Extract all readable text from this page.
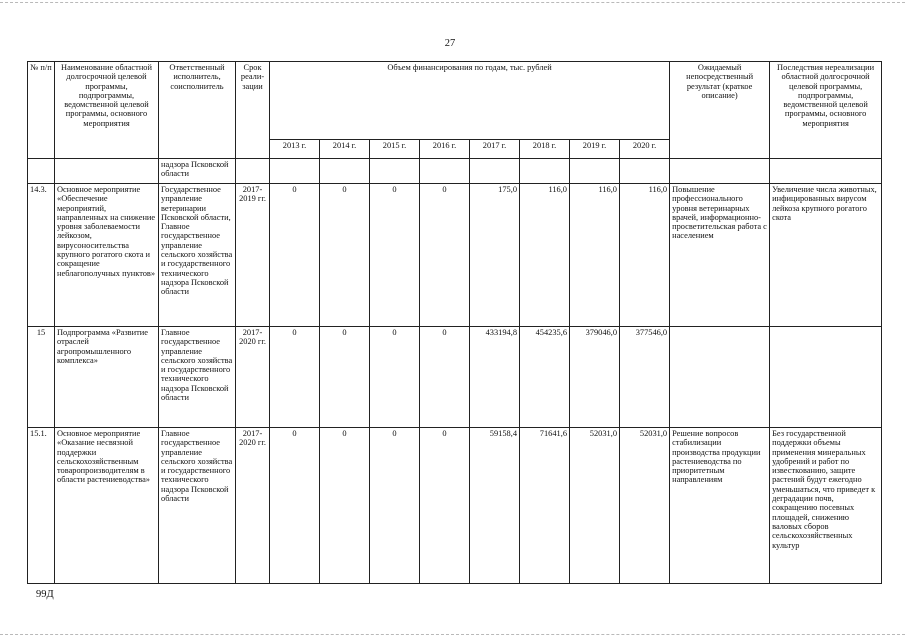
27
№ п/п	Наименование областной долгосрочной целевой программы, подпрограммы, ведомственной целевой программы, основного мероприятия	Ответственный исполнитель, соисполнитель	Срок реали-зации	Объем финансирования по годам, тыс. рублей								Ожидаемый непосредственный результат (краткое описание)	Последствия нереализации областной долгосрочной целевой программы, подпрограммы, ведомственной целевой программы, основного мероприятия
				2013 г.	2014 г.	2015 г.	2016 г.	2017 г.	2018 г.	2019 г.	2020 г.		
		надзора Псковской области											
14.3.	Основное мероприятие «Обеспечение мероприятий, направленных на снижение уровня заболеваемости лейкозом, вирусоносительства крупного рогатого скота и сокращение неблагополучных пунктов»	Государственное управление ветеринарии Псковской области, Главное государственное управление сельского хозяйства и государственного технического надзора Псковской области	2017-2019 гг.	0	0	0	0	175,0	116,0	116,0	116,0	Повышение профессионального уровня ветеринарных врачей, информационно-просветительская работа с населением	Увеличение числа животных, инфицированных вирусом лейкоза крупного рогатого скота
15	Подпрограмма «Развитие отраслей агропромышленного комплекса»	Главное государственное управление сельского хозяйства и государственного технического надзора Псковской области	2017-2020 гг.	0	0	0	0	433194,8	454235,6	379046,0	377546,0		
15.1.	Основное мероприятие «Оказание несвязной поддержки сельскохозяйственным товаропроизводителям в области растениеводства»	Главное государственное управление сельского хозяйства и государственного технического надзора Псковской области	2017-2020 гг.	0	0	0	0	59158,4	71641,6	52031,0	52031,0	Решение вопросов стабилизации производства продукции растениеводства по приоритетным направлениям	Без государственной поддержки объемы применения минеральных удобрений и работ по известкованию, защите растений будут ежегодно уменьшаться, что приведет к деградации почв, сокращению посевных площадей, снижению валовых сборов сельскохозяйственных культур
99Д
